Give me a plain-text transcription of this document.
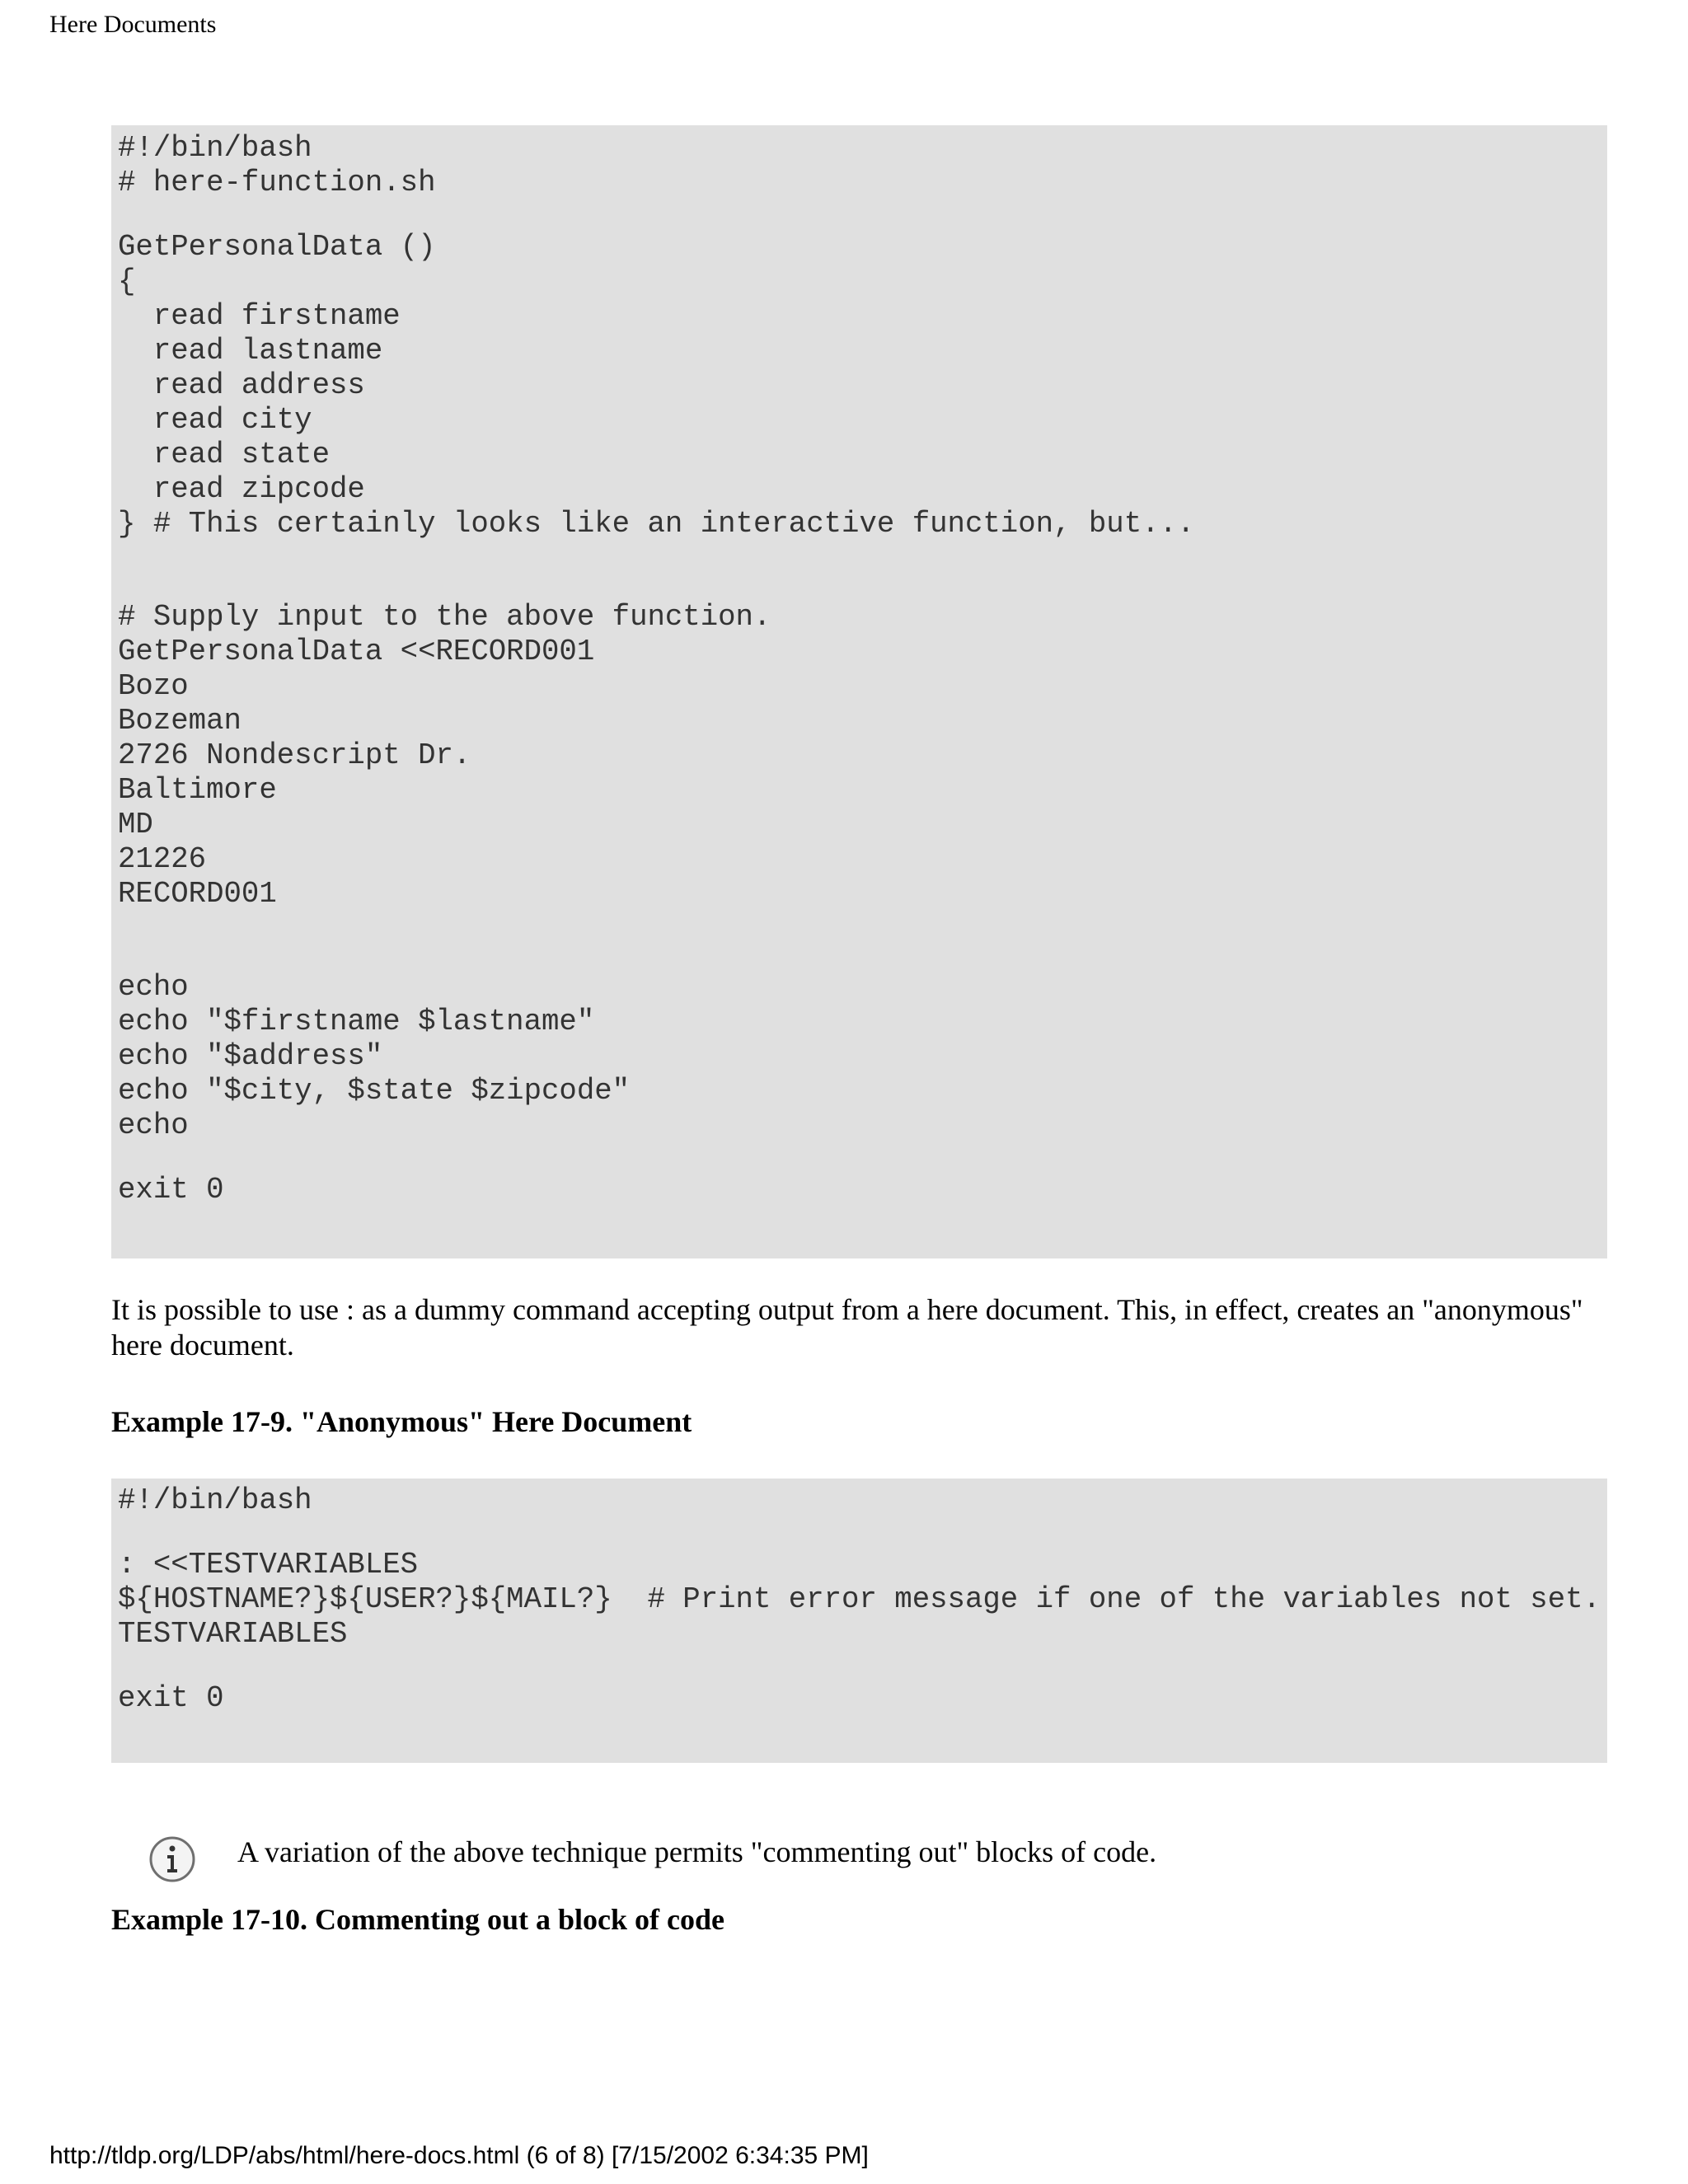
Here Documents
#!/bin/bash
# here-function.sh
GetPersonalData ()
{
read firstname
read lastname
read address
read city
read state
read zipcode
} # This certainly looks like an interactive function, but...
# Supply input to the above function.
GetPersonalData <<RECORD001
Bozo
Bozeman
2726 Nondescript Dr.
Baltimore
MD
21226
RECORD001
echo
echo "$firstname $lastname"
echo "$address"
echo "$city, $state $zipcode"
echo
exit 0
It is possible to use : as a dummy command accepting output from a here document. This, in effect, creates an "anonymous" here document.
Example 17-9. "Anonymous" Here Document
#!/bin/bash
: <<TESTVARIABLES
${HOSTNAME?}${USER?}${MAIL?}  # Print error message if one of the variables not set.
TESTVARIABLES
exit 0
A variation of the above technique permits "commenting out" blocks of code.
Example 17-10. Commenting out a block of code
http://tldp.org/LDP/abs/html/here-docs.html (6 of 8) [7/15/2002 6:34:35 PM]
